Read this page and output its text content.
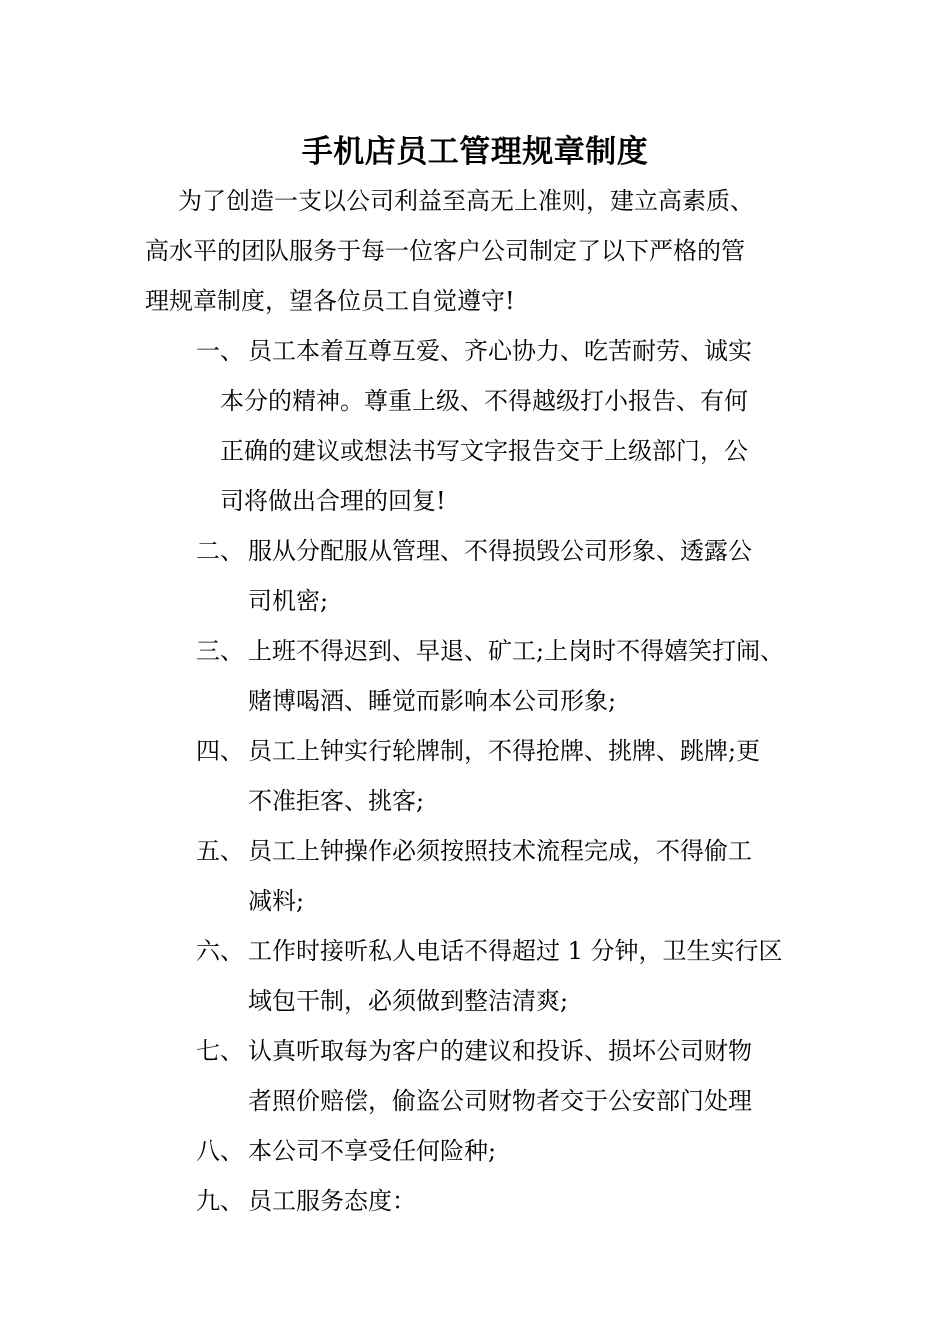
手机店员工管理规章制度
为了创造一支以公司利益至高无上准则，建立高素质、
高水平的团队服务于每一位客户公司制定了以下严格的管
理规章制度，望各位员工自觉遵守!
一、 员工本着互尊互爱、齐心协力、吃苦耐劳、诚实
本分的精神。尊重上级、不得越级打小报告、有何
正确的建议或想法书写文字报告交于上级部门，公
司将做出合理的回复!
二、 服从分配服从管理、不得损毁公司形象、透露公
司机密;
三、 上班不得迟到、早退、矿工;上岗时不得嬉笑打闹、
赌博喝酒、睡觉而影响本公司形象;
四、 员工上钟实行轮牌制，不得抢牌、挑牌、跳牌;更
不准拒客、挑客;
五、 员工上钟操作必须按照技术流程完成，不得偷工
减料;
六、 工作时接听私人电话不得超过 1 分钟，卫生实行区
域包干制，必须做到整洁清爽;
七、 认真听取每为客户的建议和投诉、损坏公司财物
者照价赔偿，偷盗公司财物者交于公安部门处理
八、 本公司不享受任何险种;
九、 员工服务态度：
